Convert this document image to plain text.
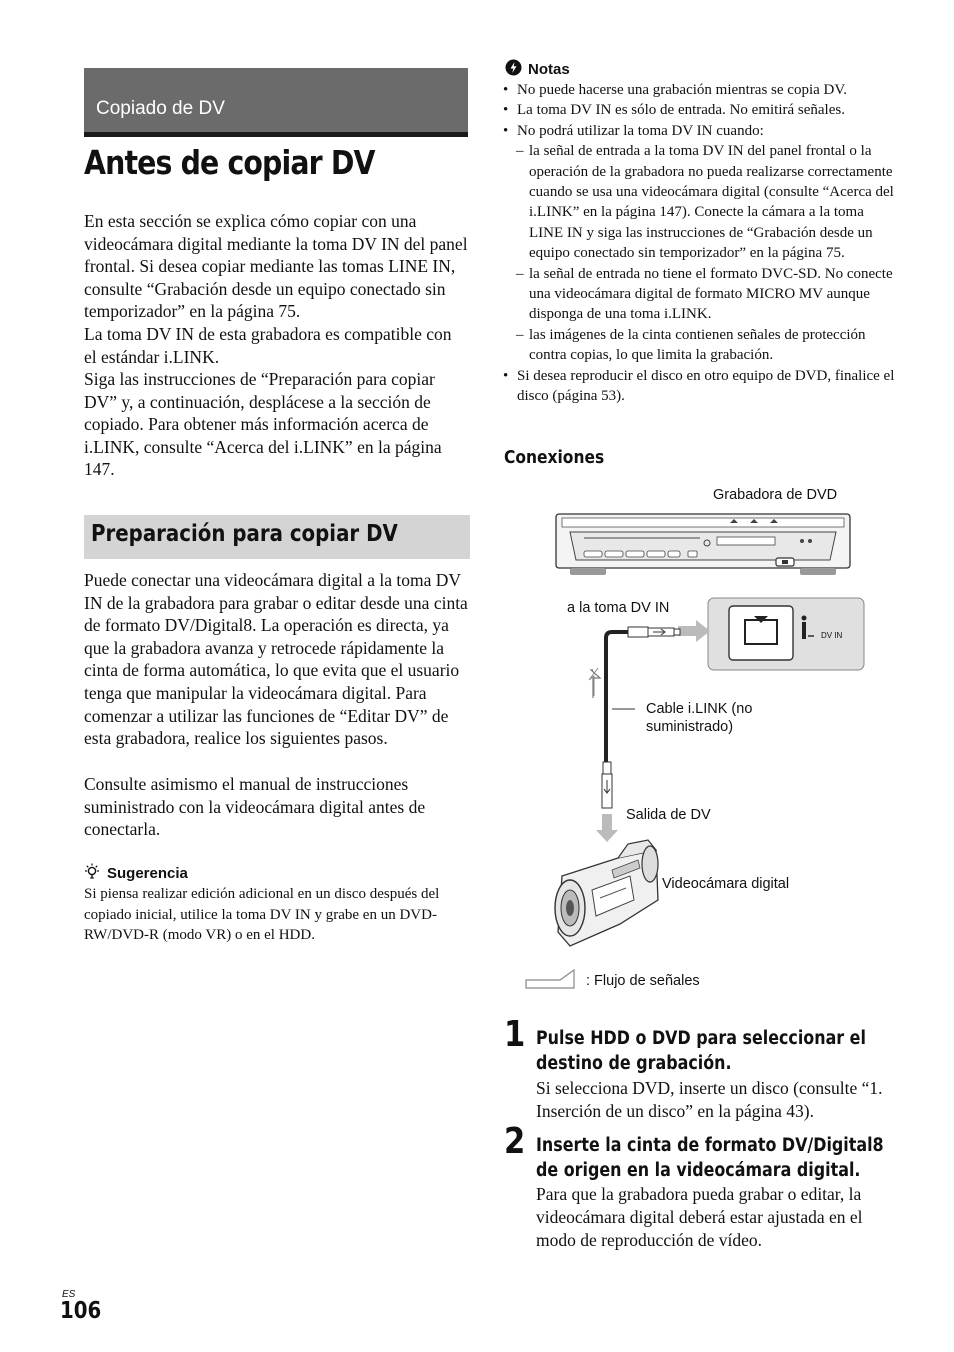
Copiado de DV
Antes de copiar DV

En esta sección se explica cómo copiar con una videocámara digital mediante la toma DV IN del panel frontal. Si desea copiar mediante las tomas LINE IN, consulte “Grabación desde un equipo conectado sin temporizador” en la página 75.

La toma DV IN de esta grabadora es compatible con el estándar i.LINK.

Siga las instrucciones de “Preparación para copiar DV” y, a continuación, desplácese a la sección de copiado. Para obtener más información acerca de i.LINK, consulte “Acerca del i.LINK” en la página 147.

Preparación para copiar DV

Puede conectar una videocámara digital a la toma DV IN de la grabadora para grabar o editar desde una cinta de formato DV/Digital8. La operación es directa, ya que la grabadora avanza y retrocede rápidamente la cinta de forma automática, lo que evita que el usuario tenga que manipular la videocámara digital. Para comenzar a utilizar las funciones de “Editar DV” de esta grabadora, realice los siguientes pasos.

Consulte asimismo el manual de instrucciones suministrado con la videocámara digital antes de conectarla.

Sugerencia

Si piensa realizar edición adicional en un disco después del copiado inicial, utilice la toma DV IN y grabe en un DVD-RW/DVD-R (modo VR) o en el HDD.

Notas
• No puede hacerse una grabación mientras se copia DV.
• La toma DV IN es sólo de entrada. No emitirá señales.
• No podrá utilizar la toma DV IN cuando:
– la señal de entrada a la toma DV IN del panel frontal o la operación de la grabadora no pueda realizarse correctamente cuando se usa una videocámara digital (consulte “Acerca del i.LINK” en la página 147). Conecte la cámara a la toma LINE IN y siga las instrucciones de “Grabación desde un equipo conectado sin temporizador” en la página 75.
– la señal de entrada no tiene el formato DVC-SD. No conecte una videocámara digital de formato MICRO MV aunque disponga de una toma i.LINK.
– las imágenes de la cinta contienen señales de protección contra copias, lo que limita la grabación.
• Si desea reproducir el disco en otro equipo de DVD, finalice el disco (página 53).
Conexiones
Grabadora de DVD
a la toma DV IN
DV IN
Cable i.LINK (no suministrado)
Salida de DV
Videocámara digital
: Flujo de señales
1 Pulse HDD o DVD para seleccionar el destino de grabación.

Si selecciona DVD, inserte un disco (consulte “1. Inserción de un disco” en la página 43).

2 Inserte la cinta de formato DV/Digital8 de origen en la videocámara digital.

Para que la grabadora pueda grabar o editar, la videocámara digital deberá estar ajustada en el modo de reproducción de vídeo.

ES
106
